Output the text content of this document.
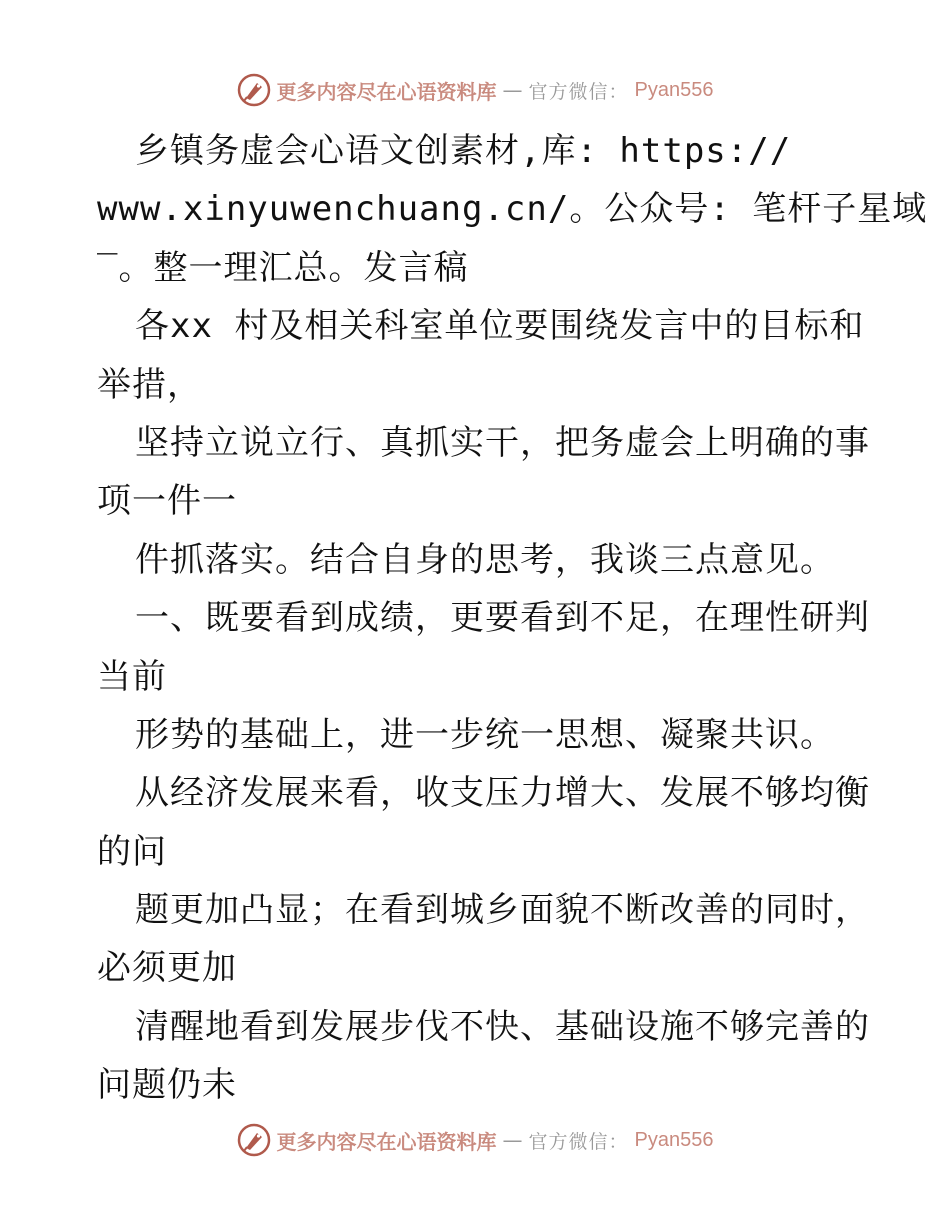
更多内容尽在心语资料库 — 官方微信： Pyan556
乡镇务虚会心语文创素材,库: https://
www.xinyuwenchuang.cn/。公众号: 笔杆子星域
‾。整一理汇总。发言稿
各xx 村及相关科室单位要围绕发言中的目标和
举措，
坚持立说立行、真抓实干，把务虚会上明确的事
项一件一
件抓落实。结合自身的思考，我谈三点意见。
一、既要看到成绩，更要看到不足，在理性研判
当前
形势的基础上，进一步统一思想、凝聚共识。
从经济发展来看，收支压力增大、发展不够均衡
的问
题更加凸显；在看到城乡面貌不断改善的同时，
必须更加
清醒地看到发展步伐不快、基础设施不够完善的
问题仍未
更多内容尽在心语资料库 — 官方微信： Pyan556
